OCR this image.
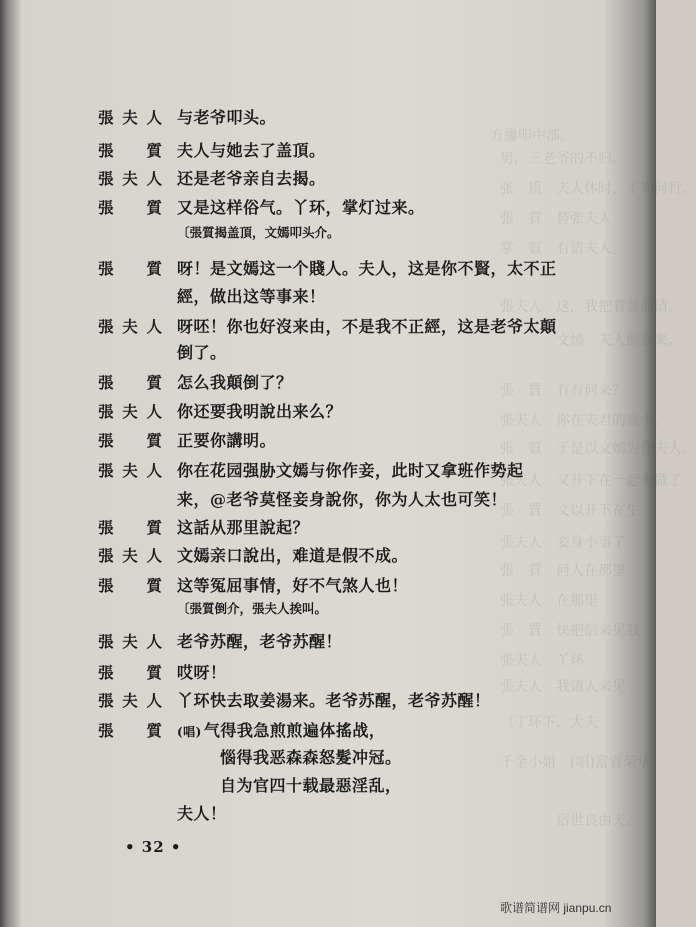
方纔叩中部。
男，三老爷的不归。
张　质　夫人休时，不知何行。
張　質　替张夫人
掌　質　有请夫人。
張夫人　这，我把着盖前请。
　　　　文嫣　夫人倒回来。
張　質　有有何来？
張夫人　你在夫君的意中。
張　質　于是以文嫣为作夫人。
張夫人　又开下在一起来做了
張　質　文以开下在生
張夫人　妾身小事了
張　質　何人在那里
張夫人　在那里
張　質　快把信来见我
張夫人　丫环
張夫人　我请人来见
〔丁环下，大夫
千金小姐　(唱)富貴荣华
　　　　宿世良由天。
張夫人 与老爷叩头。
張　質 夫人与她去了盖頂。
張夫人 还是老爷亲自去揭。
張　質 又是这样俗气。丫环，掌灯过来。
〔張質揭盖頂，文嫣叩头介。
張　質 呀！是文嫣这一个賤人。夫人，这是你不賢，太不正
經，做出这等事来！
張夫人 呀呸！你也好沒来由，不是我不正經，这是老爷太顛
倒了。
張　質 怎么我顛倒了？
張夫人 你还要我明說出来么？
張　質 正要你講明。
張夫人 你在花园强胁文嫣与你作妾，此时又拿班作势起
来，@老爷莫怪妾身說你，你为人太也可笑！
張　質 这話从那里說起？
張夫人 文嫣亲口說出，难道是假不成。
張　質 这等冤屈事情，好不气煞人也！
〔張質倒介，張夫人挨叫。
張夫人 老爷苏醒，老爷苏醒！
張　質 哎呀！
張夫人 丫环快去取姜湯来。老爷苏醒，老爷苏醒！
張　質 (唱) 气得我急煎煎遍体搖战，
惱得我恶森森怒髮冲冠。
自为官四十载最惡淫乱，
夫人！
• 32 •
歌谱简谱网 jianpu.cn
